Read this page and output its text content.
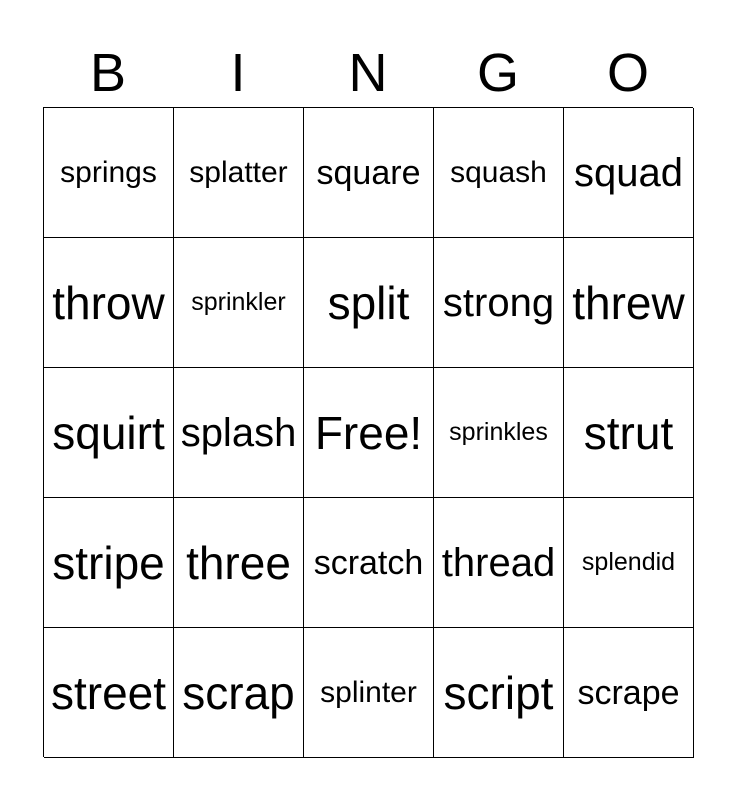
B	I	N	G	O
springs	splatter square squash squad
throw	sprinkler split strong threw
squirt splash Free!	sprinkles strut
stripe three scratch thread	splendid
street scrap splinter script scrape
